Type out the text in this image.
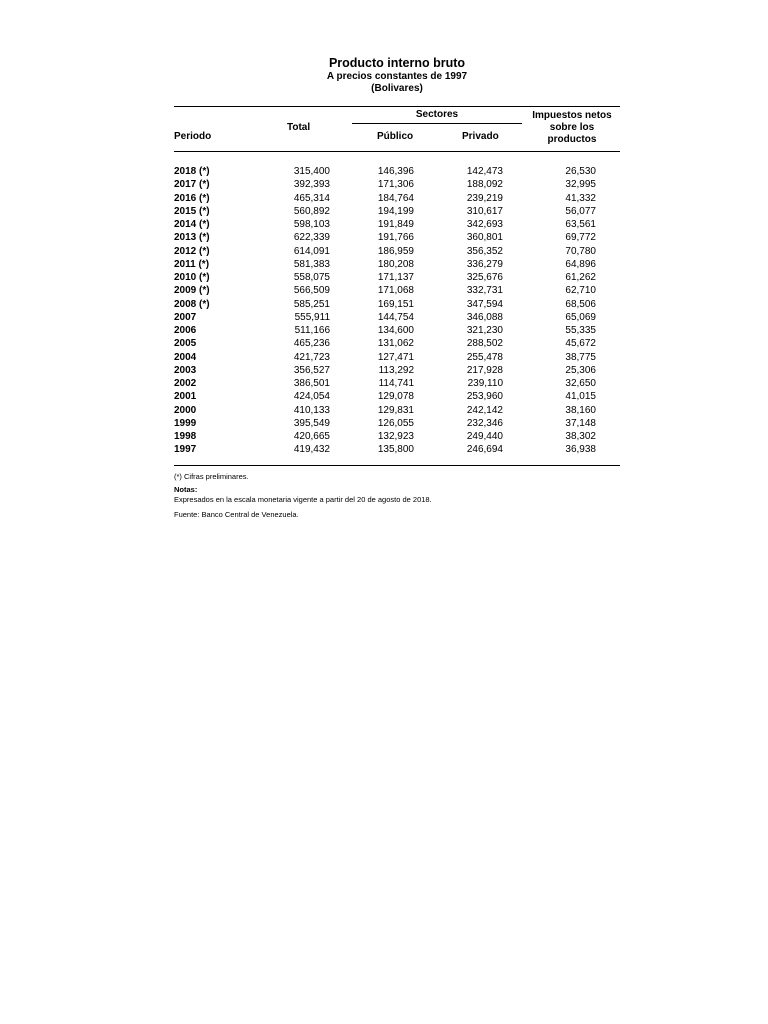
Producto interno bruto
A precios constantes de 1997
(Bolivares)
Periodo
Total
Sectores
Público	Privado
Impuestos netos
sobre los
productos
2018 (*)	315,400	146,396	142,473	26,530
2017 (*)	392,393	171,306	188,092	32,995
2016 (*)	465,314	184,764	239,219	41,332
2015 (*)	560,892	194,199	310,617	56,077
2014 (*)	598,103	191,849	342,693	63,561
2013 (*)	622,339	191,766	360,801	69,772
2012 (*)	614,091	186,959	356,352	70,780
2011 (*)	581,383	180,208	336,279	64,896
2010 (*)	558,075	171,137	325,676	61,262
2009 (*)	566,509	171,068	332,731	62,710
2008 (*)	585,251	169,151	347,594	68,506
2007	555,911	144,754	346,088	65,069
2006	511,166	134,600	321,230	55,335
2005	465,236	131,062	288,502	45,672
2004	421,723	127,471	255,478	38,775
2003	356,527	113,292	217,928	25,306
2002	386,501	114,741	239,110	32,650
2001	424,054	129,078	253,960	41,015
2000	410,133	129,831	242,142	38,160
1999	395,549	126,055	232,346	37,148
1998	420,665	132,923	249,440	38,302
1997	419,432	135,800	246,694	36,938
(*) Cifras preliminares.
Notas:
Expresados en la escala monetaria vigente a partir del 20 de agosto de 2018.
Fuente: Banco Central de Venezuela.
